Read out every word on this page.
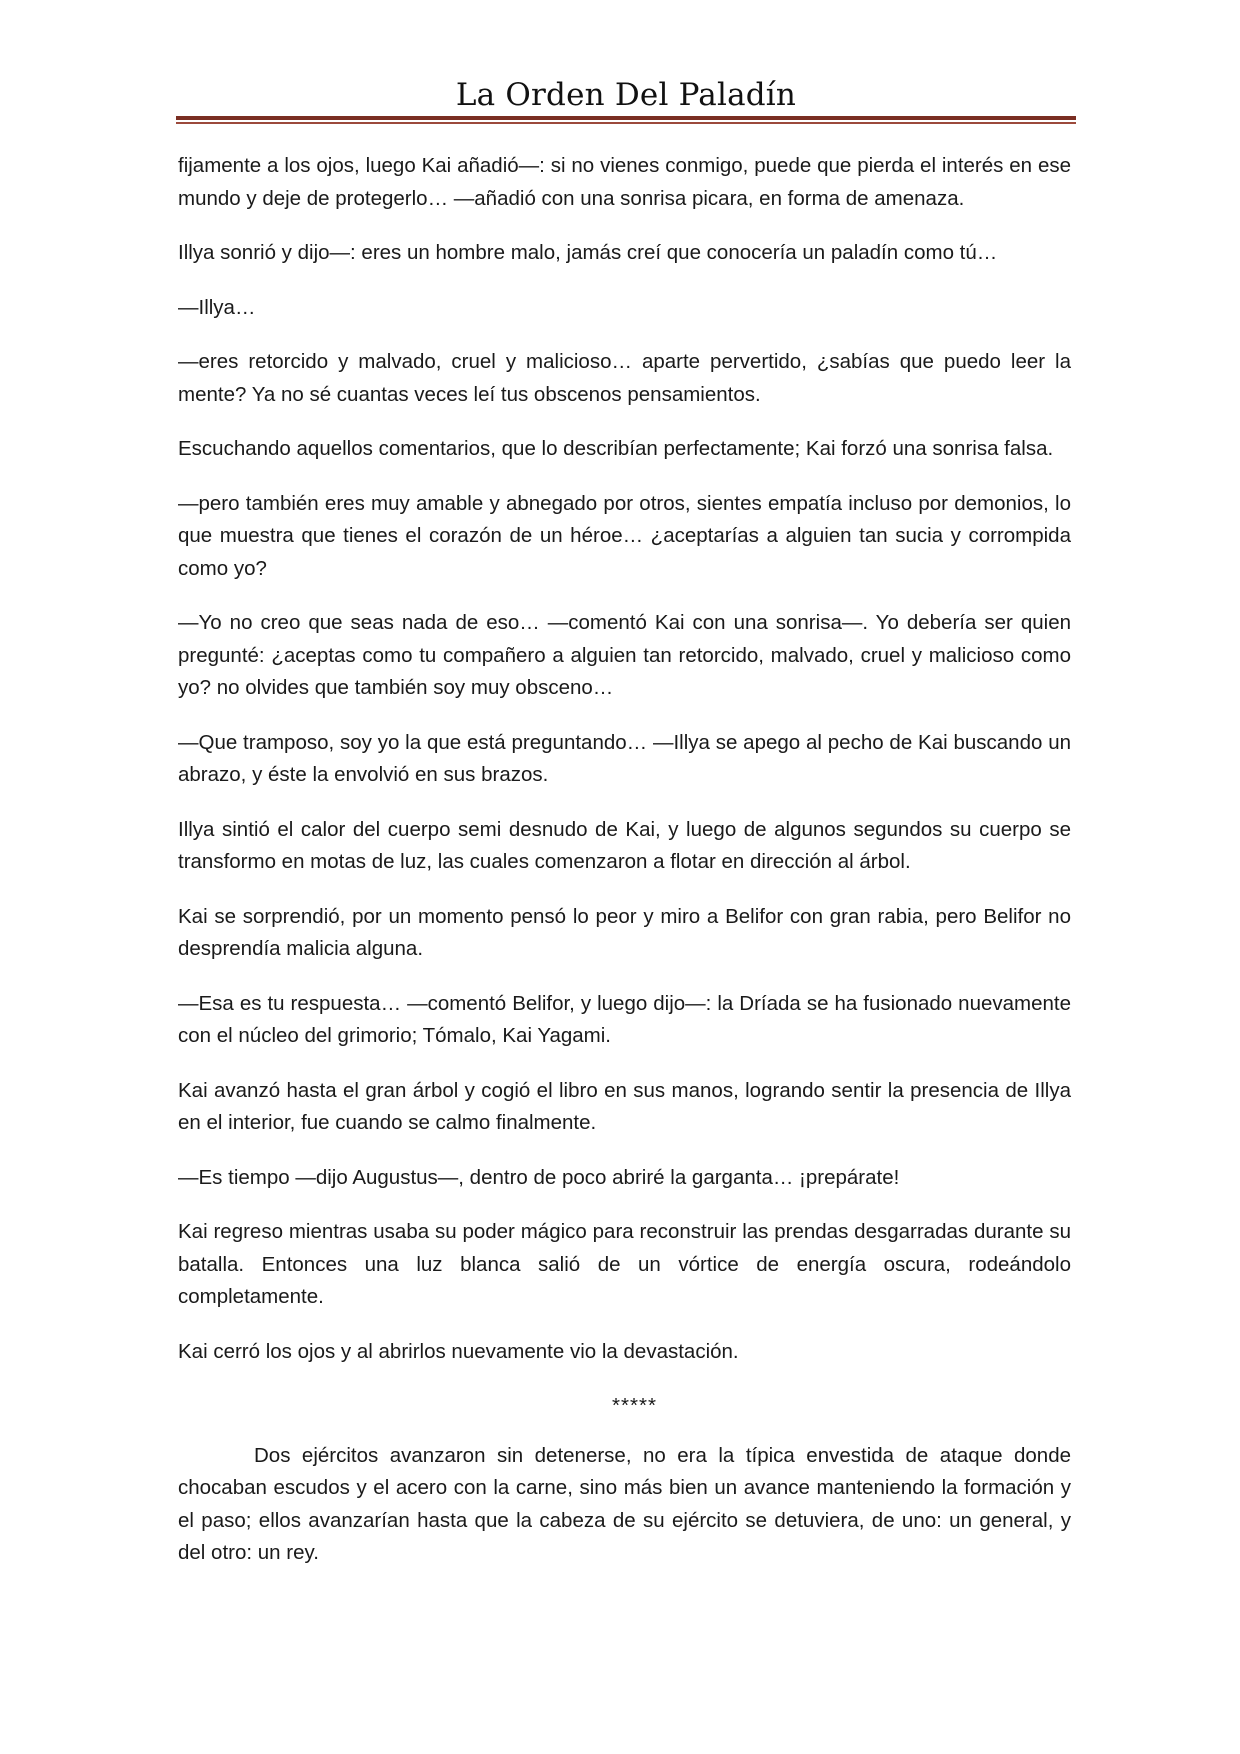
La Orden Del Paladín

fijamente a los ojos, luego Kai añadió—: si no vienes conmigo, puede que pierda el interés en ese mundo y deje de protegerlo… —añadió con una sonrisa picara, en forma de amenaza.

Illya sonrió y dijo—: eres un hombre malo, jamás creí que conocería un paladín como tú…

—Illya…

—eres retorcido y malvado, cruel y malicioso… aparte pervertido, ¿sabías que puedo leer la mente? Ya no sé cuantas veces leí tus obscenos pensamientos.

Escuchando aquellos comentarios, que lo describían perfectamente; Kai forzó una sonrisa falsa.

—pero también eres muy amable y abnegado por otros, sientes empatía incluso por demonios, lo que muestra que tienes el corazón de un héroe… ¿aceptarías a alguien tan sucia y corrompida como yo?

—Yo no creo que seas nada de eso… —comentó Kai con una sonrisa—. Yo debería ser quien pregunté: ¿aceptas como tu compañero a alguien tan retorcido, malvado, cruel y malicioso como yo? no olvides que también soy muy obsceno…

—Que tramposo, soy yo la que está preguntando… —Illya se apego al pecho de Kai buscando un abrazo, y éste la envolvió en sus brazos.

Illya sintió el calor del cuerpo semi desnudo de Kai, y luego de algunos segundos su cuerpo se transformo en motas de luz, las cuales comenzaron a flotar en dirección al árbol.

Kai se sorprendió, por un momento pensó lo peor y miro a Belifor con gran rabia, pero Belifor no desprendía malicia alguna.

—Esa es tu respuesta… —comentó Belifor, y luego dijo—: la Dríada se ha fusionado nuevamente con el núcleo del grimorio; Tómalo, Kai Yagami.

Kai avanzó hasta el gran árbol y cogió el libro en sus manos, logrando sentir la presencia de Illya en el interior, fue cuando se calmo finalmente.

—Es tiempo —dijo Augustus—, dentro de poco abriré la garganta… ¡prepárate!

Kai regreso mientras usaba su poder mágico para reconstruir las prendas desgarradas durante su batalla. Entonces una luz blanca salió de un vórtice de energía oscura, rodeándolo completamente.

Kai cerró los ojos y al abrirlos nuevamente vio la devastación.

*****

Dos ejércitos avanzaron sin detenerse, no era la típica envestida de ataque donde chocaban escudos y el acero con la carne, sino más bien un avance manteniendo la formación y el paso; ellos avanzarían hasta que la cabeza de su ejército se detuviera, de uno: un general, y del otro: un rey.
